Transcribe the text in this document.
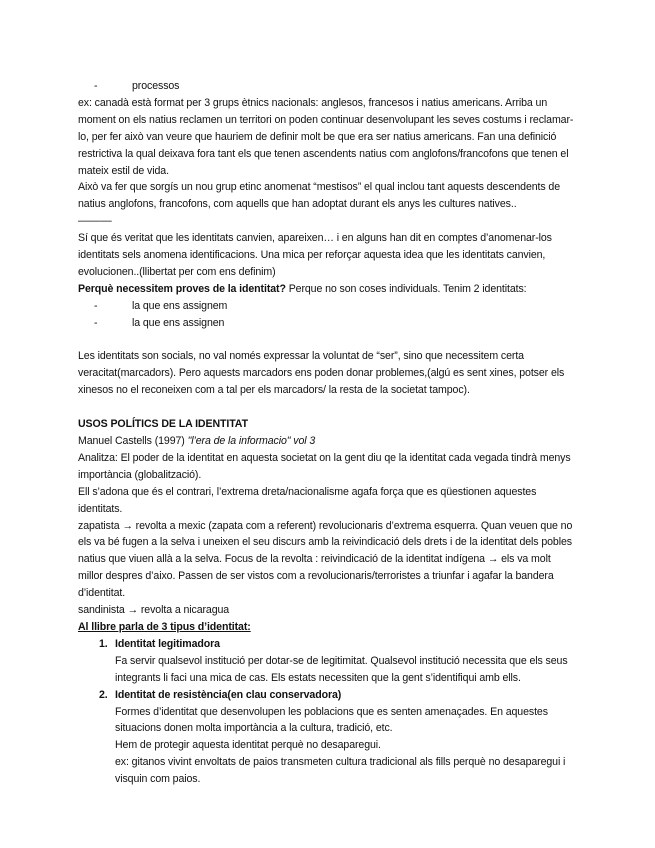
-	processos

ex: canadà està format per 3 grups ètnics nacionals: anglesos, francesos i natius americans. Arriba un moment on els natius reclamen un territori on poden continuar desenvolupant les seves costums i reclamar-lo, per fer això van veure que hauriem de definir molt be que era ser natius americans. Fan una definició restrictiva la qual deixava fora tant els que tenen ascendents natius com anglofons/francofons que tenen el mateix estil de vida.

Això va fer que sorgís un nou grup etinc anomenat “mestisos” el qual inclou tant aquests descendents de natius anglofons, francofons, com aquells que han adoptat durant els anys les cultures natives..

—––––

Sí que és veritat que les identitats canvien, apareixen… i en alguns han dit en comptes d’anomenar-los identitats sels anomena identificacions. Una mica per reforçar aquesta idea que les identitats canvien, evolucionen..(llibertat per com ens definim)

Perquè necessitem proves de la identitat? Perque no son coses individuals. Tenim 2 identitats:

-	la que ens assignem
-	la que ens assignen

Les identitats son socials, no val només expressar la voluntat de “ser”, sino que necessitem certa veracitat(marcadors). Pero aquests marcadors ens poden donar problemes,(algú es sent xines, potser els xinesos no el reconeixen com a tal per els marcadors/ la resta de la societat tampoc).

USOS POLÍTICS DE LA IDENTITAT

Manuel Castells (1997) "l’era de la informacio" vol 3

Analitza: El poder de la identitat en aquesta societat on la gent diu qe la identitat cada vegada tindrà menys importància (globalització).

Ell s’adona que és el contrari, l’extrema dreta/nacionalisme agafa força que es qüestionen aquestes identitats.

zapatista → revolta a mexic (zapata com a referent) revolucionaris d’extrema esquerra. Quan veuen que no els va bé fugen a la selva i uneixen el seu discurs amb la reivindicació dels drets i de la identitat dels pobles natius que viuen allà a la selva. Focus de la revolta : reivindicació de la identitat indígena → els va molt millor despres d’aixo. Passen de ser vistos com a revolucionaris/terroristes a triunfar i agafar la bandera d’identitat.

sandinista → revolta a nicaragua

Al llibre parla de 3 tipus d’identitat:

1. Identitat legitimadora

Fa servir qualsevol institució per dotar-se de legitimitat. Qualsevol institució necessita que els seus integrants li faci una mica de cas. Els estats necessiten que la gent s’identifiqui amb ells.

2. Identitat de resistència(en clau conservadora)

Formes d’identitat que desenvolupen les poblacions que es senten amenaçades. En aquestes situacions donen molta importància a la cultura, tradició, etc.

Hem de protegir aquesta identitat perquè no desaparegui.

ex: gitanos vivint envoltats de paios transmeten cultura tradicional als fills perquè no desaparegui i visquin com paios.
